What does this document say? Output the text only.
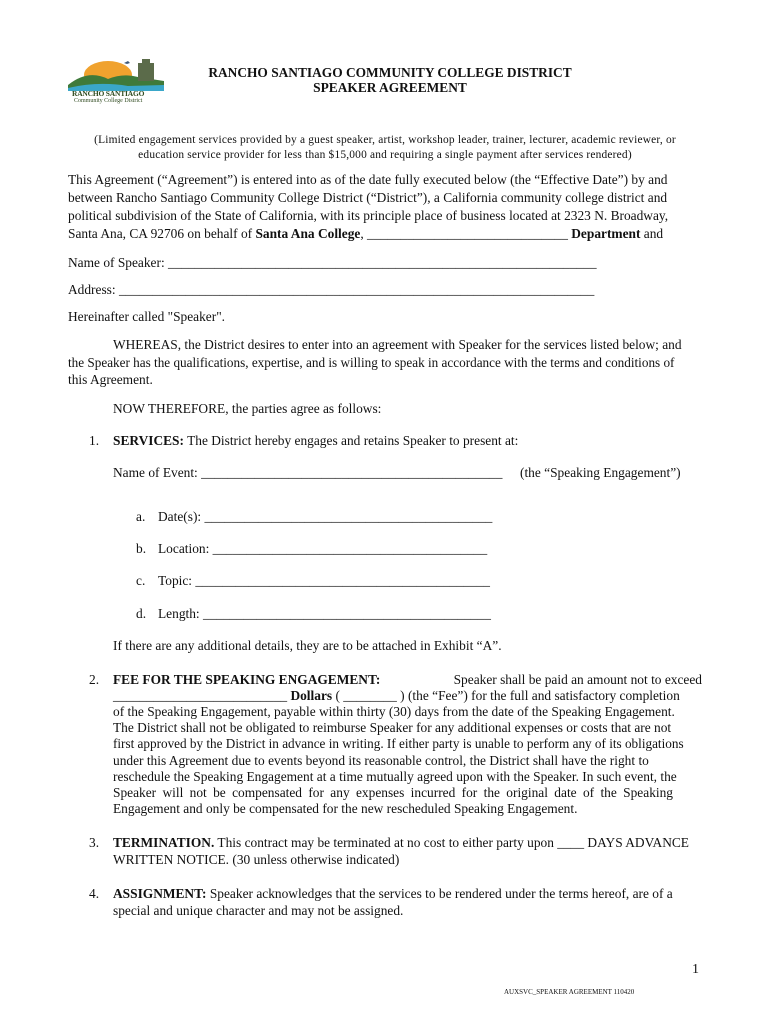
RANCHO SANTIAGO
Community College District
RANCHO SANTIAGO COMMUNITY COLLEGE DISTRICT
SPEAKER AGREEMENT
(Limited engagement services provided by a guest speaker, artist, workshop leader, trainer, lecturer, academic reviewer, or
education service provider for less than $15,000 and requiring a single payment after services rendered)
This Agreement (“Agreement”) is entered into as of the date fully executed below (the “Effective Date”) by and
between Rancho Santiago Community College District (“District”), a California community college district and
political subdivision of the State of California, with its principle place of business located at 2323 N. Broadway,
Santa Ana, CA 92706 on behalf of Santa Ana College, ______________________________ Department and
Name of Speaker: ________________________________________________________________
Address: _______________________________________________________________________
Hereinafter called "Speaker".
WHEREAS, the District desires to enter into an agreement with Speaker for the services listed below; and
the Speaker has the qualifications, expertise, and is willing to speak in accordance with the terms and conditions of
this Agreement.
NOW THEREFORE, the parties agree as follows:
1. SERVICES: The District hereby engages and retains Speaker to present at:
Name of Event: _____________________________________________ (the “Speaking Engagement”)
a. Date(s): ___________________________________________
b. Location: _________________________________________
c. Topic: ____________________________________________
d. Length: ___________________________________________
If there are any additional details, they are to be attached in Exhibit “A”.
2. FEE FOR THE SPEAKING ENGAGEMENT:	Speaker shall be paid an amount not to exceed
__________________________ Dollars ( ________ ) (the “Fee”) for the full and satisfactory completion
of the Speaking Engagement, payable within thirty (30) days from the date of the Speaking Engagement.
The District shall not be obligated to reimburse Speaker for any additional expenses or costs that are not
first approved by the District in advance in writing. If either party is unable to perform any of its obligations
under this Agreement due to events beyond its reasonable control, the District shall have the right to
reschedule the Speaking Engagement at a time mutually agreed upon with the Speaker. In such event, the
Speaker will not be compensated for any expenses incurred for the original date of the Speaking
Engagement and only be compensated for the new rescheduled Speaking Engagement.
3. TERMINATION. This contract may be terminated at no cost to either party upon ____ DAYS ADVANCE
WRITTEN NOTICE. (30 unless otherwise indicated)
4. ASSIGNMENT: Speaker acknowledges that the services to be rendered under the terms hereof, are of a
special and unique character and may not be assigned.
1
AUXSVC_SPEAKER AGREEMENT 110420
